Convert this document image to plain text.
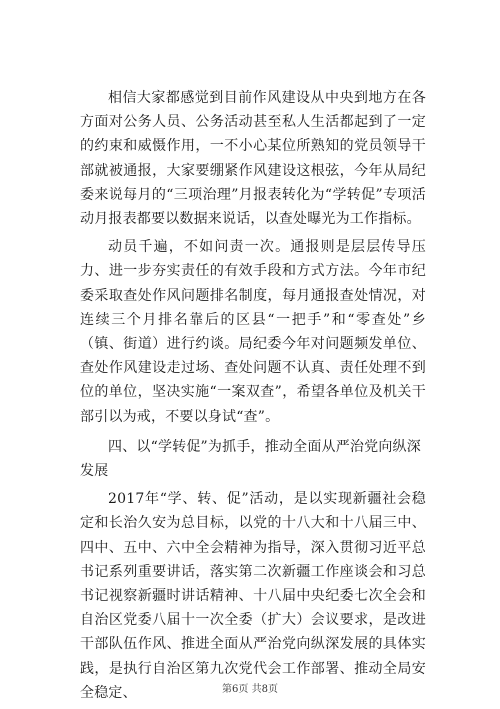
相信大家都感觉到目前作风建设从中央到地方在各方面对公务人员、公务活动甚至私人生活都起到了一定的约束和威慑作用，一不小心某位所熟知的党员领导干部就被通报，大家要绷紧作风建设这根弦，今年从局纪委来说每月的“三项治理”月报表转化为“学转促”专项活动月报表都要以数据来说话，以查处曝光为工作指标。

动员千遍，不如问责一次。通报则是层层传导压力、进一步夯实责任的有效手段和方式方法。今年市纪委采取查处作风问题排名制度，每月通报查处情况，对连续三个月排名靠后的区县“一把手”和“零查处”乡（镇、街道）进行约谈。局纪委今年对问题频发单位、查处作风建设走过场、查处问题不认真、责任处理不到位的单位，坚决实施“一案双查”，希望各单位及机关干部引以为戒，不要以身试“查”。

四、以“学转促”为抓手，推动全面从严治党向纵深发展

2017年“学、转、促”活动，是以实现新疆社会稳定和长治久安为总目标，以党的十八大和十八届三中、四中、五中、六中全会精神为指导，深入贯彻习近平总书记系列重要讲话，落实第二次新疆工作座谈会和习总书记视察新疆时讲话精神、十八届中央纪委七次全会和自治区党委八届十一次全委（扩大）会议要求，是改进干部队伍作风、推进全面从严治党向纵深发展的具体实践，是执行自治区第九次党代会工作部署、推动全局安全稳定、	第6页 共8页
